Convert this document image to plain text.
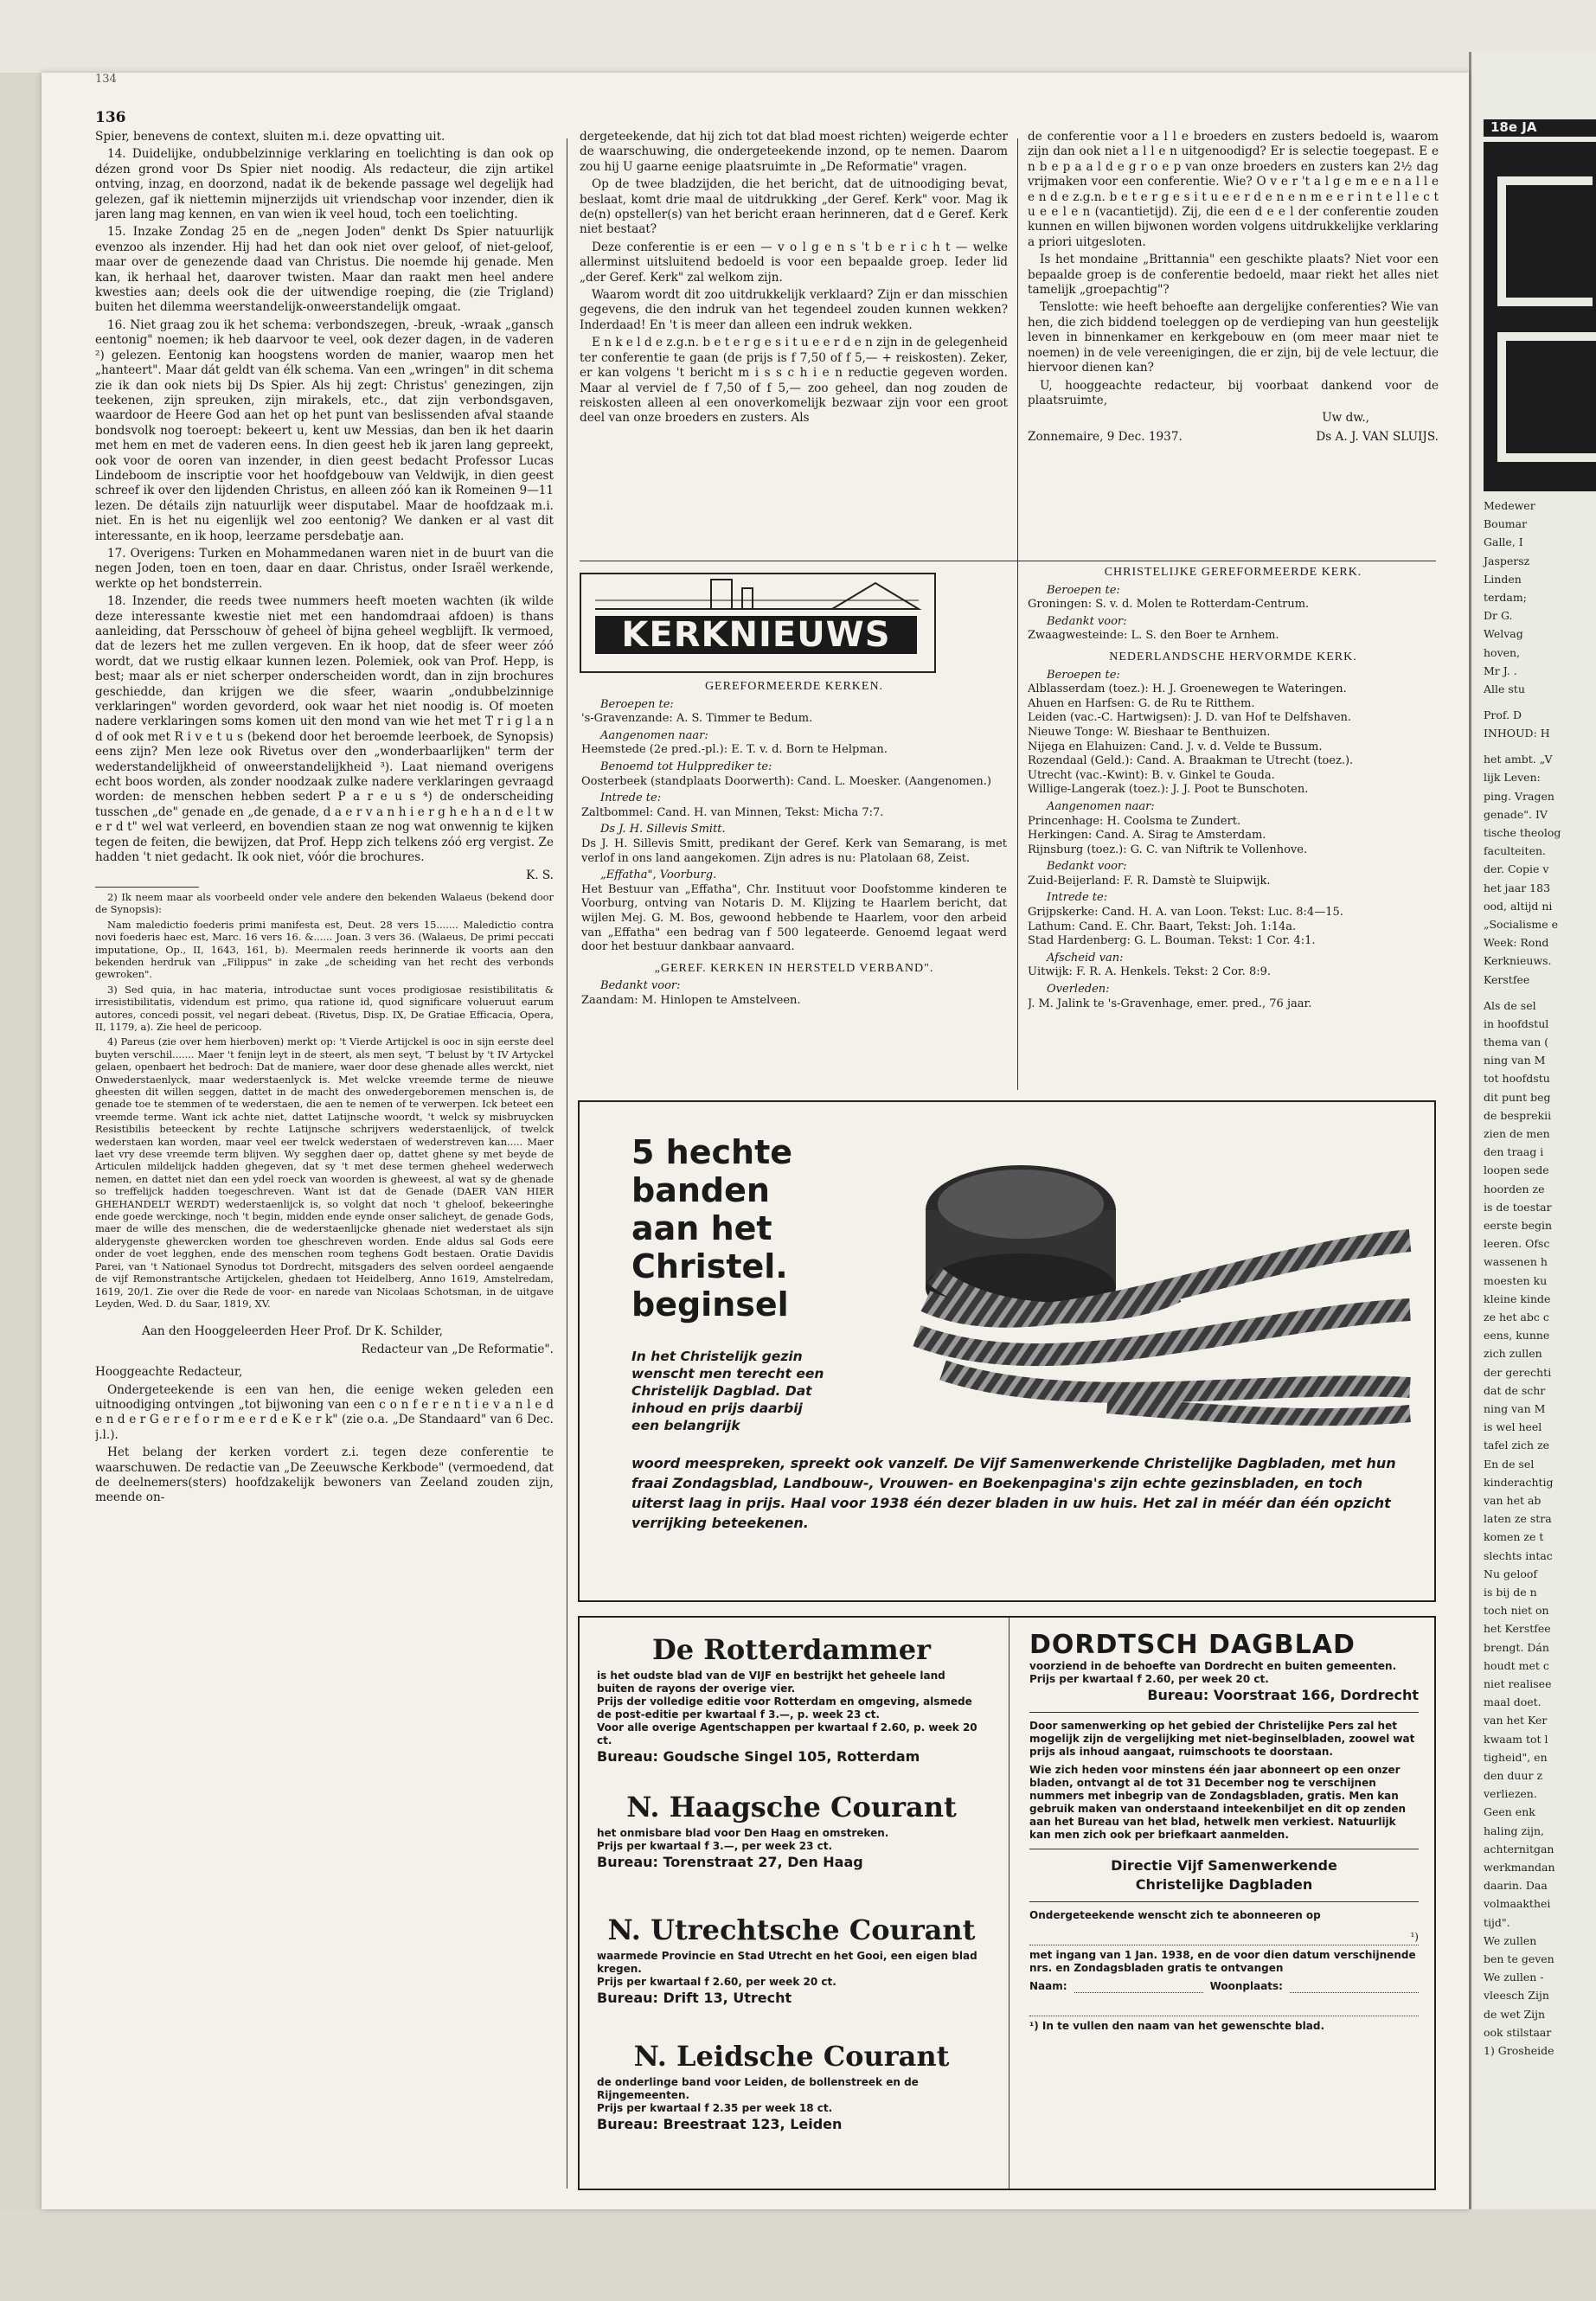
18e JA
Medewer
Boumar
Galle, I
Jaspersz
Linden
terdam;
Dr G.
Welvag
hoven,
Mr J. .
Alle stu
Prof. D
INHOUD: H
het ambt. „V
lijk Leven:
ping. Vragen
genade". IV
tische theolog
faculteiten.
der. Copie v
het jaar 183
ood, altijd ni
„Socialisme e
Week: Rond
Kerknieuws.
Kerstfee
Als de sel
in hoofdstul
thema van (
ning van M
tot hoofdstu
dit punt beg
de besprekii
zien de men
den traag i
loopen sede
hoorden ze
is de toestar
eerste begin
leeren. Ofsc
wassenen h
moesten ku
kleine kinde
ze het abc c
eens, kunne
zich zullen
der gerechti
dat de schr
ning van M
is wel heel
tafel zich ze
En de sel
kinderachtig
van het ab
laten ze stra
komen ze t
slechts intac
Nu geloof
is bij de n
toch niet on
het Kerstfee
brengt. Dán
houdt met c
niet realisee
maal doet.
van het Ker
kwaam tot l
tigheid", en
den duur z
verliezen.
Geen enk
haling zijn,
achternitgan
werkmandan
daarin. Daa
volmaakthei
tijd".
We zullen
ben te geven
We zullen -
vleesch Zijn
de wet Zijn
ook stilstaar
1) Grosheide
134
136

Spier, benevens de context, sluiten m.i. deze opvatting uit.

14. Duidelijke, ondubbelzinnige verklaring en toelichting is dan ook op dézen grond voor Ds Spier niet noodig. Als redacteur, die zijn artikel ontving, inzag, en doorzond, nadat ik de bekende passage wel degelijk had gelezen, gaf ik niettemin mijnerzijds uit vriendschap voor inzender, dien ik jaren lang mag kennen, en van wien ik veel houd, toch een toelichting.

15. Inzake Zondag 25 en de „negen Joden" denkt Ds Spier natuurlijk evenzoo als inzender. Hij had het dan ook niet over geloof, of niet-geloof, maar over de genezende daad van Christus. Die noemde hij genade. Men kan, ik herhaal het, daarover twisten. Maar dan raakt men heel andere kwesties aan; deels ook die der uitwendige roeping, die (zie Trigland) buiten het dilemma weerstandelijk-onweerstandelijk omgaat.

16. Niet graag zou ik het schema: verbondszegen, -breuk, -wraak „gansch eentonig" noemen; ik heb daarvoor te veel, ook dezer dagen, in de vaderen ²) gelezen. Eentonig kan hoogstens worden de manier, waarop men het „hanteert". Maar dát geldt van élk schema. Van een „wringen" in dit schema zie ik dan ook niets bij Ds Spier. Als hij zegt: Christus' genezingen, zijn teekenen, zijn spreuken, zijn mirakels, etc., dat zijn verbondsgaven, waardoor de Heere God aan het op het punt van beslissenden afval staande bondsvolk nog toeroept: bekeert u, kent uw Messias, dan ben ik het daarin met hem en met de vaderen eens. In dien geest heb ik jaren lang gepreekt, ook voor de ooren van inzender, in dien geest bedacht Professor Lucas Lindeboom de inscriptie voor het hoofdgebouw van Veldwijk, in dien geest schreef ik over den lijdenden Christus, en alleen zóó kan ik Romeinen 9—11 lezen. De détails zijn natuurlijk weer disputabel. Maar de hoofdzaak m.i. niet. En is het nu eigenlijk wel zoo eentonig? We danken er al vast dit interessante, en ik hoop, leerzame persdebatje aan.

17. Overigens: Turken en Mohammedanen waren niet in de buurt van die negen Joden, toen en toen, daar en daar. Christus, onder Israël werkende, werkte op het bondsterrein.

18. Inzender, die reeds twee nummers heeft moeten wachten (ik wilde deze interessante kwestie niet met een handomdraai afdoen) is thans aanleiding, dat Persschouw òf geheel òf bijna geheel wegblijft. Ik vermoed, dat de lezers het me zullen vergeven. En ik hoop, dat de sfeer weer zóó wordt, dat we rustig elkaar kunnen lezen. Polemiek, ook van Prof. Hepp, is best; maar als er niet scherper onderscheiden wordt, dan in zijn brochures geschiedde, dan krijgen we die sfeer, waarin „ondubbelzinnige verklaringen" worden gevorderd, ook waar het niet noodig is. Of moeten nadere verklaringen soms komen uit den mond van wie het met T r i g l a n d of ook met R i v e t u s (bekend door het beroemde leerboek, de Synopsis) eens zijn? Men leze ook Rivetus over den „wonderbaarlijken" term der wederstandelijkheid of onweerstandelijkheid ³). Laat niemand overigens echt boos worden, als zonder noodzaak zulke nadere verklaringen gevraagd worden: de menschen hebben sedert P a r e u s ⁴) de onderscheiding tusschen „de" genade en „de genade, d a e r v a n h i e r g h e h a n d e l t w e r d t" wel wat verleerd, en bovendien staan ze nog wat onwennig te kijken tegen de feiten, die bewijzen, dat Prof. Hepp zich telkens zóó erg vergist. Ze hadden 't niet gedacht. Ik ook niet, vóór die brochures.

K. S.

2) Ik neem maar als voorbeeld onder vele andere den bekenden Walaeus (bekend door de Synopsis):

Nam maledictio foederis primi manifesta est, Deut. 28 vers 15....... Maledictio contra novi foederis haec est, Marc. 16 vers 16. &...... Joan. 3 vers 36. (Walaeus, De primi peccati imputatione, Op., II, 1643, 161, b). Meermalen reeds herinnerde ik voorts aan den bekenden herdruk van „Filippus" in zake „de scheiding van het recht des verbonds gewroken".

3) Sed quia, in hac materia, introductae sunt voces prodigiosae resistibilitatis & irresistibilitatis, videndum est primo, qua ratione id, quod significare volueruut earum autores, concedi possit, vel negari debeat. (Rivetus, Disp. IX, De Gratiae Efficacia, Opera, II, 1179, a). Zie heel de pericoop.

4) Pareus (zie over hem hierboven) merkt op: 't Vierde Artijckel is ooc in sijn eerste deel buyten verschil....... Maer 't fenijn leyt in de steert, als men seyt, 'T belust by 't IV Artyckel gelaen, openbaert het bedroch: Dat de maniere, waer door dese ghenade alles werckt, niet Onwederstaenlyck, maar wederstaenlyck is. Met welcke vreemde terme de nieuwe gheesten dit willen seggen, dattet in de macht des onwedergeboremen menschen is, de genade toe te stemmen of te wederstaen, die aen te nemen of te verwerpen. Ick beteet een vreemde terme. Want ick achte niet, dattet Latijnsche woordt, 't welck sy misbruycken Resistibilis beteeckent by rechte Latijnsche schrijvers wederstaenlijck, of twelck wederstaen kan worden, maar veel eer twelck wederstaen of wederstreven kan..... Maer laet vry dese vreemde term blijven. Wy segghen daer op, dattet ghene sy met beyde de Articulen mildelijck hadden ghegeven, dat sy 't met dese termen gheheel wederwech nemen, en dattet niet dan een ydel roeck van woorden is gheweest, al wat sy de ghenade so treffelijck hadden toegeschreven. Want ist dat de Genade (DAER VAN HIER GHEHANDELT WERDT) wederstaenlijck is, so volght dat noch 't gheloof, bekeeringhe ende goede werckinge, noch 't begin, midden ende eynde onser salicheyt, de genade Gods, maer de wille des menschen, die de wederstaenlijcke ghenade niet wederstaet als sijn alderygenste ghewercken worden toe gheschreven worden. Ende aldus sal Gods eere onder de voet legghen, ende des menschen room teghens Godt bestaen. Oratie Davidis Parei, van 't Nationael Synodus tot Dordrecht, mitsgaders des selven oordeel aengaende de vijf Remonstrantsche Artijckelen, ghedaen tot Heidelberg, Anno 1619, Amstelredam, 1619, 20/1. Zie over die Rede de voor- en narede van Nicolaas Schotsman, in de uitgave Leyden, Wed. D. du Saar, 1819, XV.

Aan den Hooggeleerden Heer Prof. Dr K. Schilder,

Redacteur van „De Reformatie".

Hooggeachte Redacteur,

Ondergeteekende is een van hen, die eenige weken geleden een uitnoodiging ontvingen „tot bijwoning van een c o n f e r e n t i e v a n l e d e n d e r G e r e f o r m e e r d e K e r k" (zie o.a. „De Standaard" van 6 Dec. j.l.).

Het belang der kerken vordert z.i. tegen deze conferentie te waarschuwen. De redactie van „De Zeeuwsche Kerkbode" (vermoedend, dat de deelnemers(sters) hoofdzakelijk bewoners van Zeeland zouden zijn, meende on-

dergeteekende, dat hij zich tot dat blad moest richten) weigerde echter de waarschuwing, die ondergeteekende inzond, op te nemen. Daarom zou hij U gaarne eenige plaatsruimte in „De Reformatie" vragen.

Op de twee bladzijden, die het bericht, dat de uitnoodiging bevat, beslaat, komt drie maal de uitdrukking „der Geref. Kerk" voor. Mag ik de(n) opsteller(s) van het bericht eraan herinneren, dat d e Geref. Kerk niet bestaat?

Deze conferentie is er een — v o l g e n s 't b e r i c h t — welke allerminst uitsluitend bedoeld is voor een bepaalde groep. Ieder lid „der Geref. Kerk" zal welkom zijn.

Waarom wordt dit zoo uitdrukkelijk verklaard? Zijn er dan misschien gegevens, die den indruk van het tegendeel zouden kunnen wekken? Inderdaad! En 't is meer dan alleen een indruk wekken.

E n k e l d e z.g.n. b e t e r g e s i t u e e r d e n zijn in de gelegenheid ter conferentie te gaan (de prijs is f 7,50 of f 5,— + reiskosten). Zeker, er kan volgens 't bericht m i s s c h i e n reductie gegeven worden. Maar al verviel de f 7,50 of f 5,— zoo geheel, dan nog zouden de reiskosten alleen al een onoverkomelijk bezwaar zijn voor een groot deel van onze broeders en zusters. Als

de conferentie voor a l l e broeders en zusters bedoeld is, waarom zijn dan ook niet a l l e n uitgenoodigd? Er is selectie toegepast. E e n b e p a a l d e g r o e p van onze broeders en zusters kan 2½ dag vrijmaken voor een conferentie. Wie? O v e r 't a l g e m e e n a l l e e n d e z.g.n. b e t e r g e s i t u e e r d e n e n m e e r i n t e l l e c t u e e l e n (vacantietijd). Zij, die een d e e l der conferentie zouden kunnen en willen bijwonen worden volgens uitdrukkelijke verklaring a priori uitgesloten.

Is het mondaine „Brittannia" een geschikte plaats? Niet voor een bepaalde groep is de conferentie bedoeld, maar riekt het alles niet tamelijk „groepachtig"?

Tenslotte: wie heeft behoefte aan dergelijke conferenties? Wie van hen, die zich biddend toeleggen op de verdieping van hun geestelijk leven in binnenkamer en kerkgebouw en (om meer maar niet te noemen) in de vele vereenigingen, die er zijn, bij de vele lectuur, die hiervoor dienen kan?

U, hooggeachte redacteur, bij voorbaat dankend voor de plaatsruimte,

Uw dw.,

Zonnemaire, 9 Dec. 1937.	Ds A. J. VAN SLUIJS.
KERKNIEUWS
GEREFORMEERDE KERKEN.
Beroepen te:
's-Gravenzande: A. S. Timmer te Bedum.
Aangenomen naar:
Heemstede (2e pred.-pl.): E. T. v. d. Born te Helpman.
Benoemd tot Hulpprediker te:
Oosterbeek (standplaats Doorwerth): Cand. L. Moesker. (Aangenomen.)
Intrede te:
Zaltbommel: Cand. H. van Minnen, Tekst: Micha 7:7.
Ds J. H. Sillevis Smitt.
Ds J. H. Sillevis Smitt, predikant der Geref. Kerk van Semarang, is met verlof in ons land aangekomen. Zijn adres is nu: Platolaan 68, Zeist.
„Effatha", Voorburg.
Het Bestuur van „Effatha", Chr. Instituut voor Doofstomme kinderen te Voorburg, ontving van Notaris D. M. Klijzing te Haarlem bericht, dat wijlen Mej. G. M. Bos, gewoond hebbende te Haarlem, voor den arbeid van „Effatha" een bedrag van f 500 legateerde. Genoemd legaat werd door het bestuur dankbaar aanvaard.
„GEREF. KERKEN IN HERSTELD VERBAND".
Bedankt voor:
Zaandam: M. Hinlopen te Amstelveen.
CHRISTELIJKE GEREFORMEERDE KERK.
Beroepen te:
Groningen: S. v. d. Molen te Rotterdam-Centrum.
Bedankt voor:
Zwaagwesteinde: L. S. den Boer te Arnhem.
NEDERLANDSCHE HERVORMDE KERK.
Beroepen te:
Alblasserdam (toez.): H. J. Groenewegen te Wateringen.
Ahuen en Harfsen: G. de Ru te Ritthem.
Leiden (vac.-C. Hartwigsen): J. D. van Hof te Delfshaven.
Nieuwe Tonge: W. Bieshaar te Benthuizen.
Nijega en Elahuizen: Cand. J. v. d. Velde te Bussum.
Rozendaal (Geld.): Cand. A. Braakman te Utrecht (toez.).
Utrecht (vac.-Kwint): B. v. Ginkel te Gouda.
Willige-Langerak (toez.): J. J. Poot te Bunschoten.
Aangenomen naar:
Princenhage: H. Coolsma te Zundert.
Herkingen: Cand. A. Sirag te Amsterdam.
Rijnsburg (toez.): G. C. van Niftrik te Vollenhove.
Bedankt voor:
Zuid-Beijerland: F. R. Damstè te Sluipwijk.
Intrede te:
Grijpskerke: Cand. H. A. van Loon. Tekst: Luc. 8:4—15.
Lathum: Cand. E. Chr. Baart, Tekst: Joh. 1:14a.
Stad Hardenberg: G. L. Bouman. Tekst: 1 Cor. 4:1.
Afscheid van:
Uitwijk: F. R. A. Henkels. Tekst: 2 Cor. 8:9.
Overleden:
J. M. Jalink te 's-Gravenhage, emer. pred., 76 jaar.
5 hechte
banden
aan het
Christel.
beginsel
In het Christelijk gezin wenscht men terecht een Christelijk Dagblad. Dat inhoud en prijs daarbij een belangrijk
woord meespreken, spreekt ook vanzelf. De Vijf Samenwerkende Christelijke Dagbladen, met hun fraai Zondagsblad, Landbouw-, Vrouwen- en Boekenpagina's zijn echte gezinsbladen, en toch uiterst laag in prijs. Haal voor 1938 één dezer bladen in uw huis. Het zal in méér dan één opzicht verrijking beteekenen.
De Rotterdammer
is het oudste blad van de VIJF en bestrijkt het geheele land buiten de rayons der overige vier.
Prijs der volledige editie voor Rotterdam en omgeving, alsmede de post-editie per kwartaal f 3.—, p. week 23 ct.
Voor alle overige Agentschappen per kwartaal f 2.60, p. week 20 ct.
Bureau: Goudsche Singel 105, Rotterdam
N. Haagsche Courant
het onmisbare blad voor Den Haag en omstreken.
Prijs per kwartaal f 3.—, per week 23 ct.
Bureau: Torenstraat 27, Den Haag
N. Utrechtsche Courant
waarmede Provincie en Stad Utrecht en het Gooi, een eigen blad kregen.
Prijs per kwartaal f 2.60, per week 20 ct.
Bureau: Drift 13, Utrecht
N. Leidsche Courant
de onderlinge band voor Leiden, de bollenstreek en de Rijngemeenten.
Prijs per kwartaal f 2.35 per week 18 ct.
Bureau: Breestraat 123, Leiden
DORDTSCH DAGBLAD
voorziend in de behoefte van Dordrecht en buiten gemeenten.
Prijs per kwartaal f 2.60, per week 20 ct.
Bureau: Voorstraat 166, Dordrecht
Door samenwerking op het gebied der Christelijke Pers zal het mogelijk zijn de vergelijking met niet-beginselbladen, zoowel wat prijs als inhoud aangaat, ruimschoots te doorstaan.
Wie zich heden voor minstens één jaar abonneert op een onzer bladen, ontvangt al de tot 31 December nog te verschijnen nummers met inbegrip van de Zondagsbladen, gratis. Men kan gebruik maken van onderstaand inteekenbiljet en dit op zenden aan het Bureau van het blad, hetwelk men verkiest. Natuurlijk kan men zich ook per briefkaart aanmelden.
Directie Vijf Samenwerkende
Christelijke Dagbladen
Ondergeteekende wenscht zich te abonneeren op
¹)
met ingang van 1 Jan. 1938, en de voor dien datum verschijnende nrs. en Zondagsbladen gratis te ontvangen
Naam:	Woonplaats:
¹) In te vullen den naam van het gewenschte blad.
